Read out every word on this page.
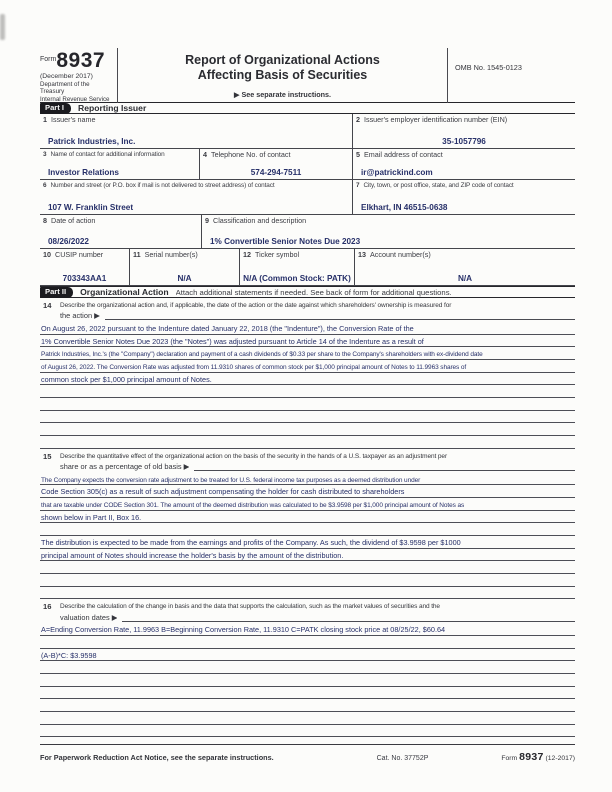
$^{Form}$8937
(December 2017)
Department of the Treasury
Internal Revenue Service
Report of Organizational Actions
Affecting Basis of Securities
▶ See separate instructions.
OMB No. 1545-0123
Part I	Reporting Issuer
1 Issuer's name
Patrick Industries, Inc.
2 Issuer's employer identification number (EIN)
35-1057796
3 Name of contact for additional information
Investor Relations
4 Telephone No. of contact
574-294-7511
5 Email address of contact
ir@patrickind.com
6 Number and street (or P.O. box if mail is not delivered to street address) of contact
107 W. Franklin Street
7 City, town, or post office, state, and ZIP code of contact
Elkhart, IN 46515-0638
8 Date of action
08/26/2022
9 Classification and description
1% Convertible Senior Notes Due 2023
10 CUSIP number
703343AA1
11 Serial number(s)
N/A
12 Ticker symbol
N/A (Common Stock: PATK)
13 Account number(s)
N/A
Part II	Organizational Action Attach additional statements if needed. See back of form for additional questions.
14	Describe the organizational action and, if applicable, the date of the action or the date against which shareholders' ownership is measured for
the action ▶
On August 26, 2022 pursuant to the Indenture dated January 22, 2018 (the "Indenture"), the Conversion Rate of the
1% Convertible Senior Notes Due 2023 (the "Notes") was adjusted pursuant to Article 14 of the Indenture as a result of
Patrick Industries, Inc.'s (the "Company") declaration and payment of a cash dividends of $0.33 per share to the Company's shareholders with ex-dividend date
of August 26, 2022. The Conversion Rate was adjusted from 11.9310 shares of common stock per $1,000 principal amount of Notes to 11.9963 shares of
common stock per $1,000 principal amount of Notes.
15	Describe the quantitative effect of the organizational action on the basis of the security in the hands of a U.S. taxpayer as an adjustment per
share or as a percentage of old basis ▶
The Company expects the conversion rate adjustment to be treated for U.S. federal income tax purposes as a deemed distribution under
Code Section 305(c) as a result of such adjustment compensating the holder for cash distributed to shareholders
that are taxable under CODE Section 301. The amount of the deemed distribution was calculated to be $3.9598 per $1,000 principal amount of Notes as
shown below in Part II, Box 16.
The distribution is expected to be made from the earnings and profits of the Company. As such, the dividend of $3.9598 per $1000
principal amount of Notes should increase the holder's basis by the amount of the distribution.
16	Describe the calculation of the change in basis and the data that supports the calculation, such as the market values of securities and the
valuation dates ▶
A=Ending Conversion Rate, 11.9963 B=Beginning Conversion Rate, 11.9310 C=PATK closing stock price at 08/25/22, $60.64
(A-B)*C: $3.9598
For Paperwork Reduction Act Notice, see the separate instructions.	Cat. No. 37752P	Form 8937 (12-2017)
